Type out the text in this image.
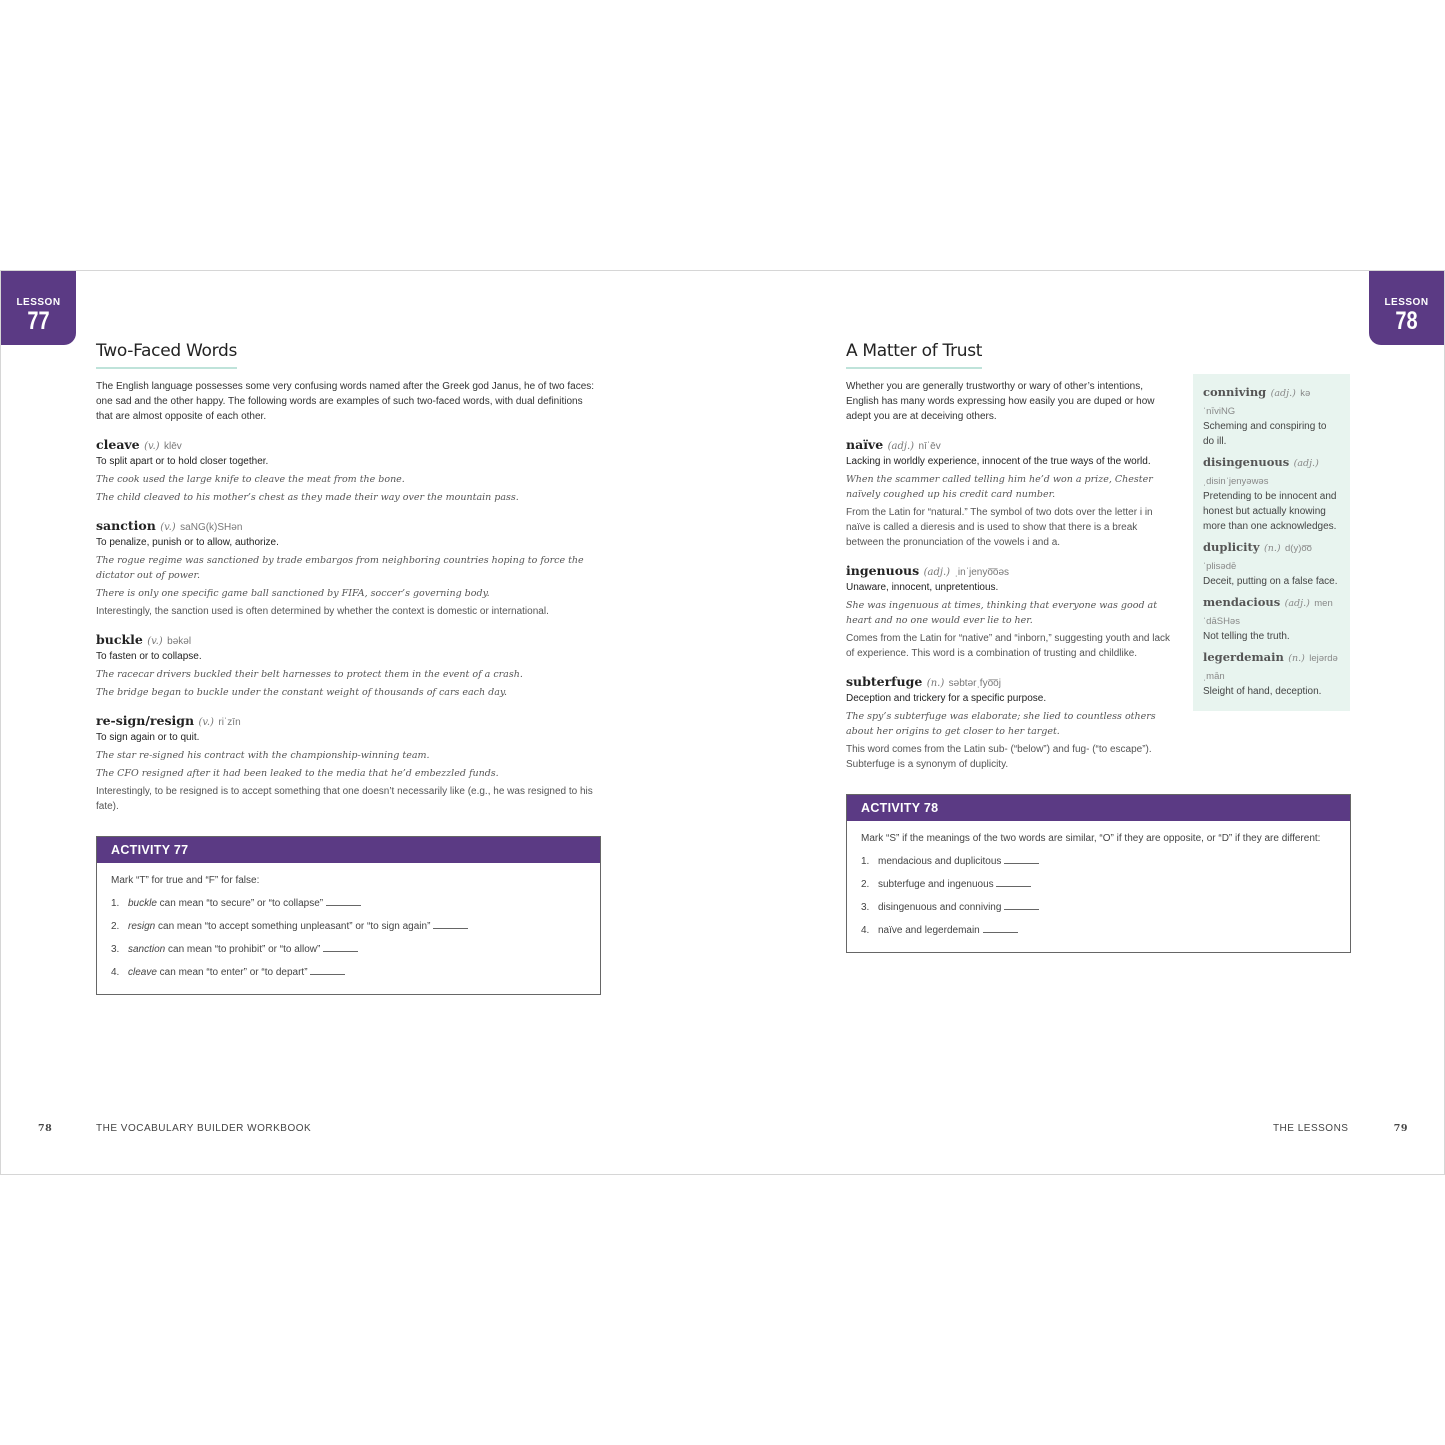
LESSON
77
LESSON
78
Two-Faced Words

The English language possesses some very confusing words named after the Greek god Janus, he of two faces: one sad and the other happy. The following words are examples of such two-faced words, with dual definitions that are almost opposite of each other.

cleave (v.) klēv
To split apart or to hold closer together.
The cook used the large knife to cleave the meat from the bone.
The child cleaved to his mother’s chest as they made their way over the mountain pass.
sanction (v.) saNG(k)SHən
To penalize, punish or to allow, authorize.
The rogue regime was sanctioned by trade embargos from neighboring countries hoping to force the dictator out of power.
There is only one specific game ball sanctioned by FIFA, soccer’s governing body.
Interestingly, the sanction used is often determined by whether the context is domestic or international.
buckle (v.) bəkəl
To fasten or to collapse.
The racecar drivers buckled their belt harnesses to protect them in the event of a crash.
The bridge began to buckle under the constant weight of thousands of cars each day.
re-sign/resign (v.) riˈzīn
To sign again or to quit.
The star re-signed his contract with the championship-winning team.
The CFO resigned after it had been leaked to the media that he’d embezzled funds.
Interestingly, to be resigned is to accept something that one doesn’t necessarily like (e.g., he was resigned to his fate).
ACTIVITY 77
Mark “T” for true and “F” for false:
1. buckle can mean “to secure” or “to collapse”
2. resign can mean “to accept something unpleasant” or “to sign again”
3. sanction can mean “to prohibit” or “to allow”
4. cleave can mean “to enter” or “to depart”
A Matter of Trust

Whether you are generally trustworthy or wary of other’s intentions, English has many words expressing how easily you are duped or how adept you are at deceiving others.

naïve (adj.) nīˈēv
Lacking in worldly experience, innocent of the true ways of the world.
When the scammer called telling him he’d won a prize, Chester naïvely coughed up his credit card number.
From the Latin for “natural.” The symbol of two dots over the letter i in naïve is called a dieresis and is used to show that there is a break between the pronunciation of the vowels i and a.
ingenuous (adj.) ˌinˈjenyo͞oəs
Unaware, innocent, unpretentious.
She was ingenuous at times, thinking that everyone was good at heart and no one would ever lie to her.
Comes from the Latin for “native” and “inborn,” suggesting youth and lack of experience. This word is a combination of trusting and childlike.
subterfuge (n.) səbtərˌfyo͞oj
Deception and trickery for a specific purpose.
The spy’s subterfuge was elaborate; she lied to countless others about her origins to get closer to her target.
This word comes from the Latin sub- (“below”) and fug- (“to escape”). Subterfuge is a synonym of duplicity.
ACTIVITY 78
Mark “S” if the meanings of the two words are similar, “O” if they are opposite, or “D” if they are different:
1. mendacious and duplicitous
2. subterfuge and ingenuous
3. disingenuous and conniving
4. naïve and legerdemain
conniving (adj.) kəˈnīviNG
Scheming and conspiring to do ill.
disingenuous (adj.) ˌdisinˈjenyəwəs
Pretending to be innocent and honest but actually knowing more than one acknowledges.
duplicity (n.) d(y)o͞oˈplisədē
Deceit, putting on a false face.
mendacious (adj.) menˈdāSHəs
Not telling the truth.
legerdemain (n.) lejərdəˌmān
Sleight of hand, deception.
78	THE VOCABULARY BUILDER WORKBOOK	THE LESSONS	79
